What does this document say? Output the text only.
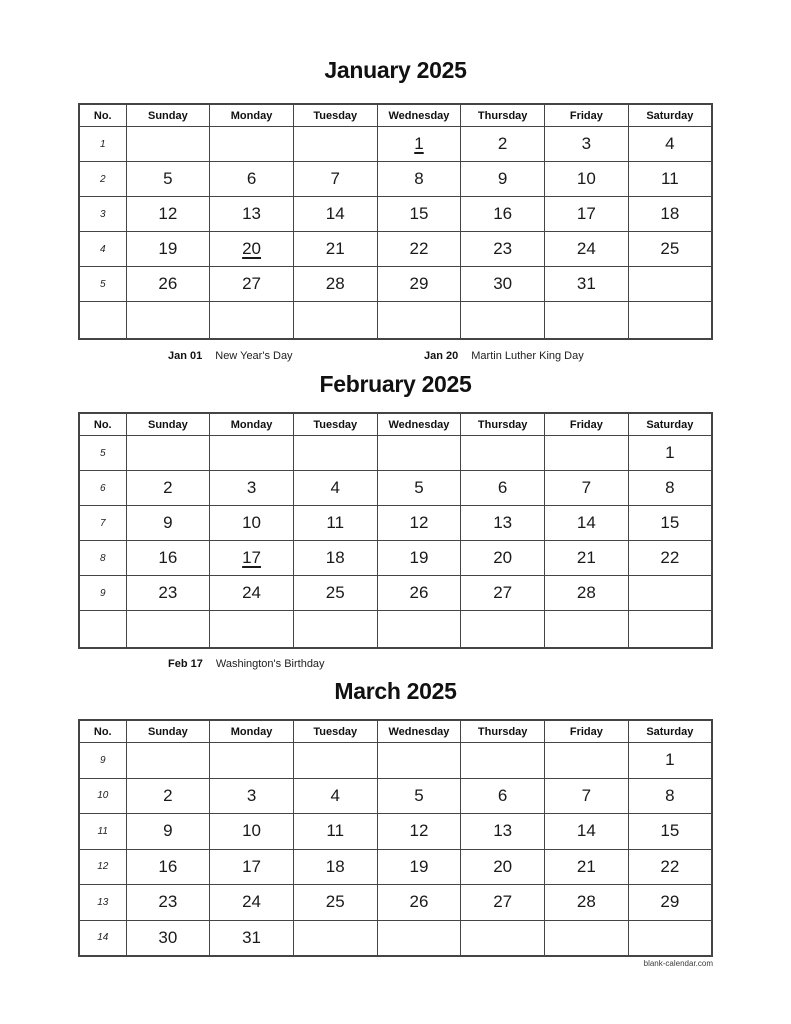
January 2025
No.	Sunday	Monday	Tuesday	Wednesday	Thursday	Friday	Saturday
1				1	2	3	4
2	5	6	7	8	9	10	11
3	12	13	14	15	16	17	18
4	19	20	21	22	23	24	25
5	26	27	28	29	30	31	

Jan 01 New Year's Day	Jan 20 Martin Luther King Day
February 2025
No.	Sunday	Monday	Tuesday	Wednesday	Thursday	Friday	Saturday
5							1
6	2	3	4	5	6	7	8
7	9	10	11	12	13	14	15
8	16	17	18	19	20	21	22
9	23	24	25	26	27	28	

Feb 17 Washington's Birthday
March 2025
No.	Sunday	Monday	Tuesday	Wednesday	Thursday	Friday	Saturday
9							1
10	2	3	4	5	6	7	8
11	9	10	11	12	13	14	15
12	16	17	18	19	20	21	22
13	23	24	25	26	27	28	29
14	30	31					
blank-calendar.com
